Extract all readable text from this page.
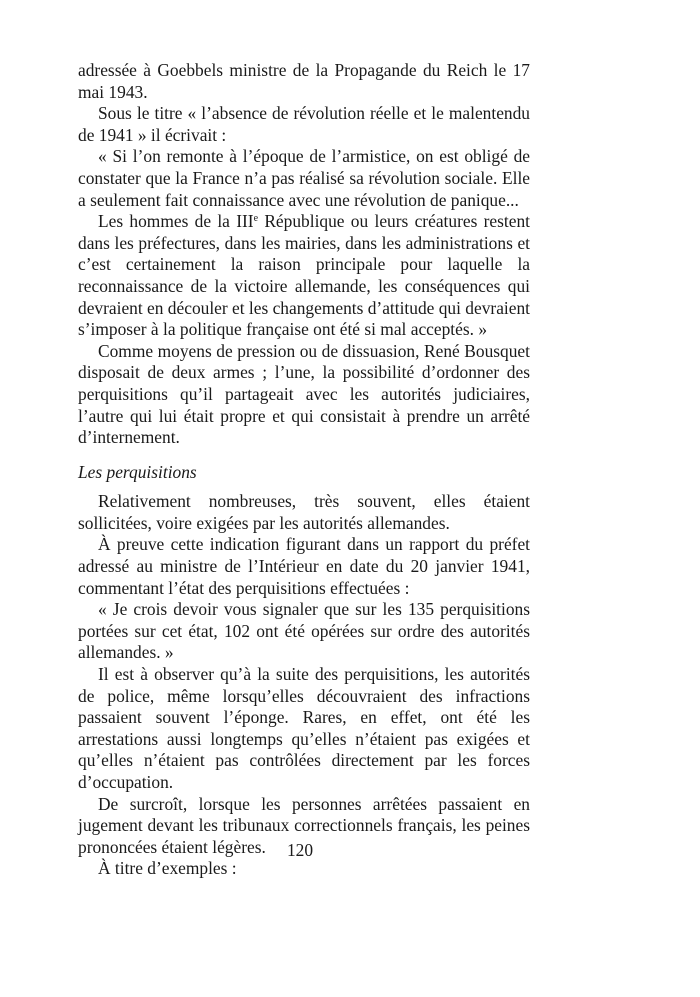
adressée à Goebbels ministre de la Propagande du Reich le 17 mai 1943.

Sous le titre « l’absence de révolution réelle et le malentendu de 1941 » il écrivait :

« Si l’on remonte à l’époque de l’armistice, on est obligé de constater que la France n’a pas réalisé sa révolution sociale. Elle a seulement fait connaissance avec une révolution de panique...

Les hommes de la IIIe République ou leurs créatures restent dans les préfectures, dans les mairies, dans les administrations et c’est certainement la raison principale pour laquelle la reconnaissance de la victoire allemande, les conséquences qui devraient en découler et les changements d’attitude qui devraient s’imposer à la politique française ont été si mal acceptés. »

Comme moyens de pression ou de dissuasion, René Bousquet disposait de deux armes ; l’une, la possibilité d’ordonner des perquisitions qu’il partageait avec les autorités judiciaires, l’autre qui lui était propre et qui consistait à prendre un arrêté d’internement.

Les perquisitions

Relativement nombreuses, très souvent, elles étaient sollicitées, voire exigées par les autorités allemandes.

À preuve cette indication figurant dans un rapport du préfet adressé au ministre de l’Intérieur en date du 20 janvier 1941, commentant l’état des perquisitions effectuées :

« Je crois devoir vous signaler que sur les 135 perquisitions portées sur cet état, 102 ont été opérées sur ordre des autorités allemandes. »

Il est à observer qu’à la suite des perquisitions, les autorités de police, même lorsqu’elles découvraient des infractions passaient souvent l’éponge. Rares, en effet, ont été les arrestations aussi longtemps qu’elles n’étaient pas exigées et qu’elles n’étaient pas contrôlées directement par les forces d’occupation.

De surcroît, lorsque les personnes arrêtées passaient en jugement devant les tribunaux correctionnels français, les peines prononcées étaient légères.

À titre d’exemples :

120
